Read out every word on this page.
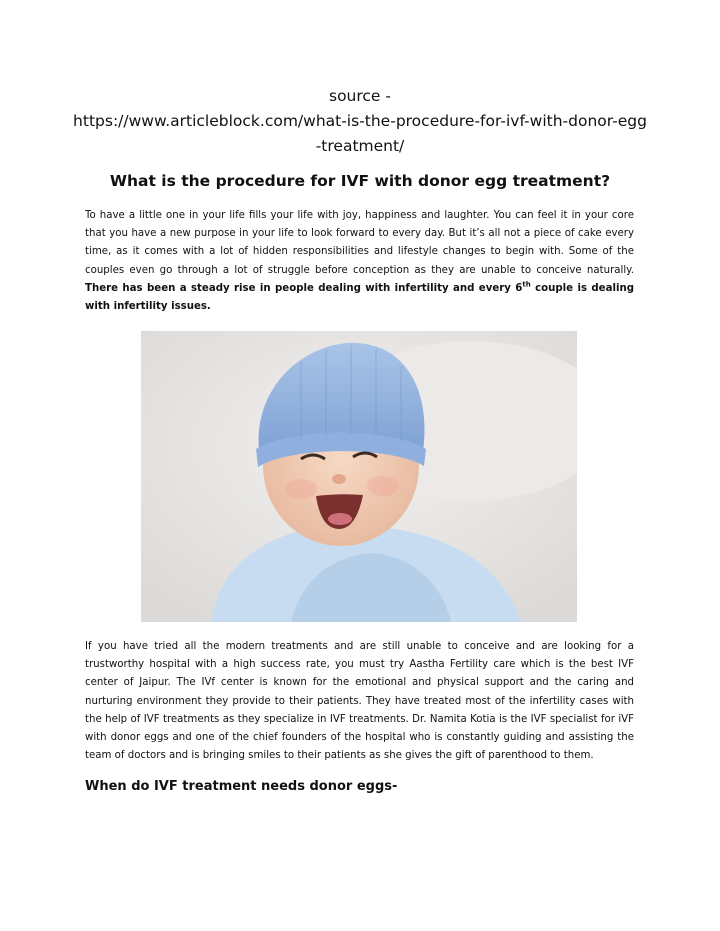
source -
https://www.articleblock.com/what-is-the-procedure-for-ivf-with-donor-egg
-treatment/
What is the procedure for IVF with donor egg treatment?
To have a little one in your life fills your life with joy, happiness and laughter. You can feel it in your core that you have a new purpose in your life to look forward to every day. But it’s all not a piece of cake every time, as it comes with a lot of hidden responsibilities and lifestyle changes to begin with. Some of the couples even go through a lot of struggle before conception as they are unable to conceive naturally. There has been a steady rise in people dealing with infertility and every 6th couple is dealing with infertility issues.
If you have tried all the modern treatments and are still unable to conceive and are looking for a trustworthy hospital with a high success rate, you must try Aastha Fertility care which is the best IVF center of Jaipur. The IVf center is known for the emotional and physical support and the caring and nurturing environment they provide to their patients. They have treated most of the infertility cases with the help of IVF treatments as they specialize in IVF treatments. Dr. Namita Kotia is the IVF specialist for iVF with donor eggs and one of the chief founders of the hospital who is constantly guiding and assisting the team of doctors and is bringing smiles to their patients as she gives the gift of parenthood to them.
When do IVF treatment needs donor eggs-
